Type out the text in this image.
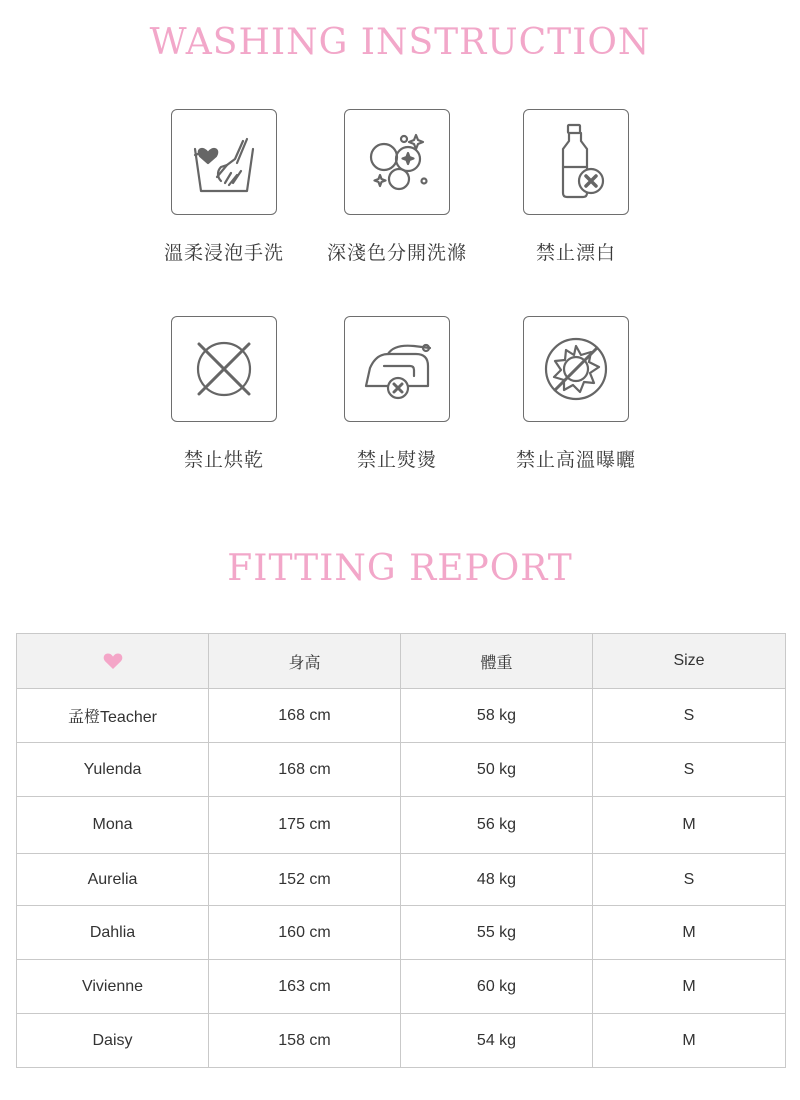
WASHING INSTRUCTION
溫柔浸泡手洗	深淺色分開洗滌	禁止漂白
禁止烘乾	禁止熨燙	禁止高溫曝曬
FITTING REPORT
	身高	體重	Size
孟橙Teacher	168 cm	58 kg	S
Yulenda	168 cm	50 kg	S
Mona	175 cm	56 kg	M
Aurelia	152 cm	48 kg	S
Dahlia	160 cm	55 kg	M
Vivienne	163 cm	60 kg	M
Daisy	158 cm	54 kg	M
